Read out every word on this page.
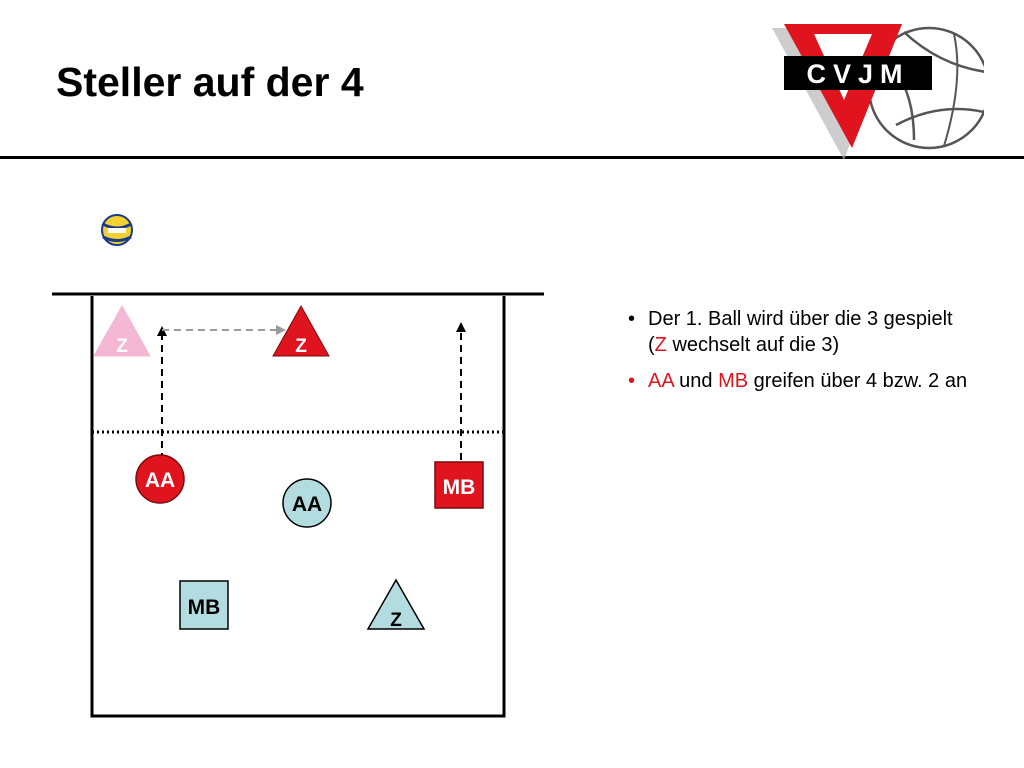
Steller auf der 4	CVJM
Z	Z
AA	MB
AA
MB
Z
• Der 1. Ball wird über die 3 gespielt (Z wechselt auf die 3)
• AA und MB greifen über 4 bzw. 2 an
